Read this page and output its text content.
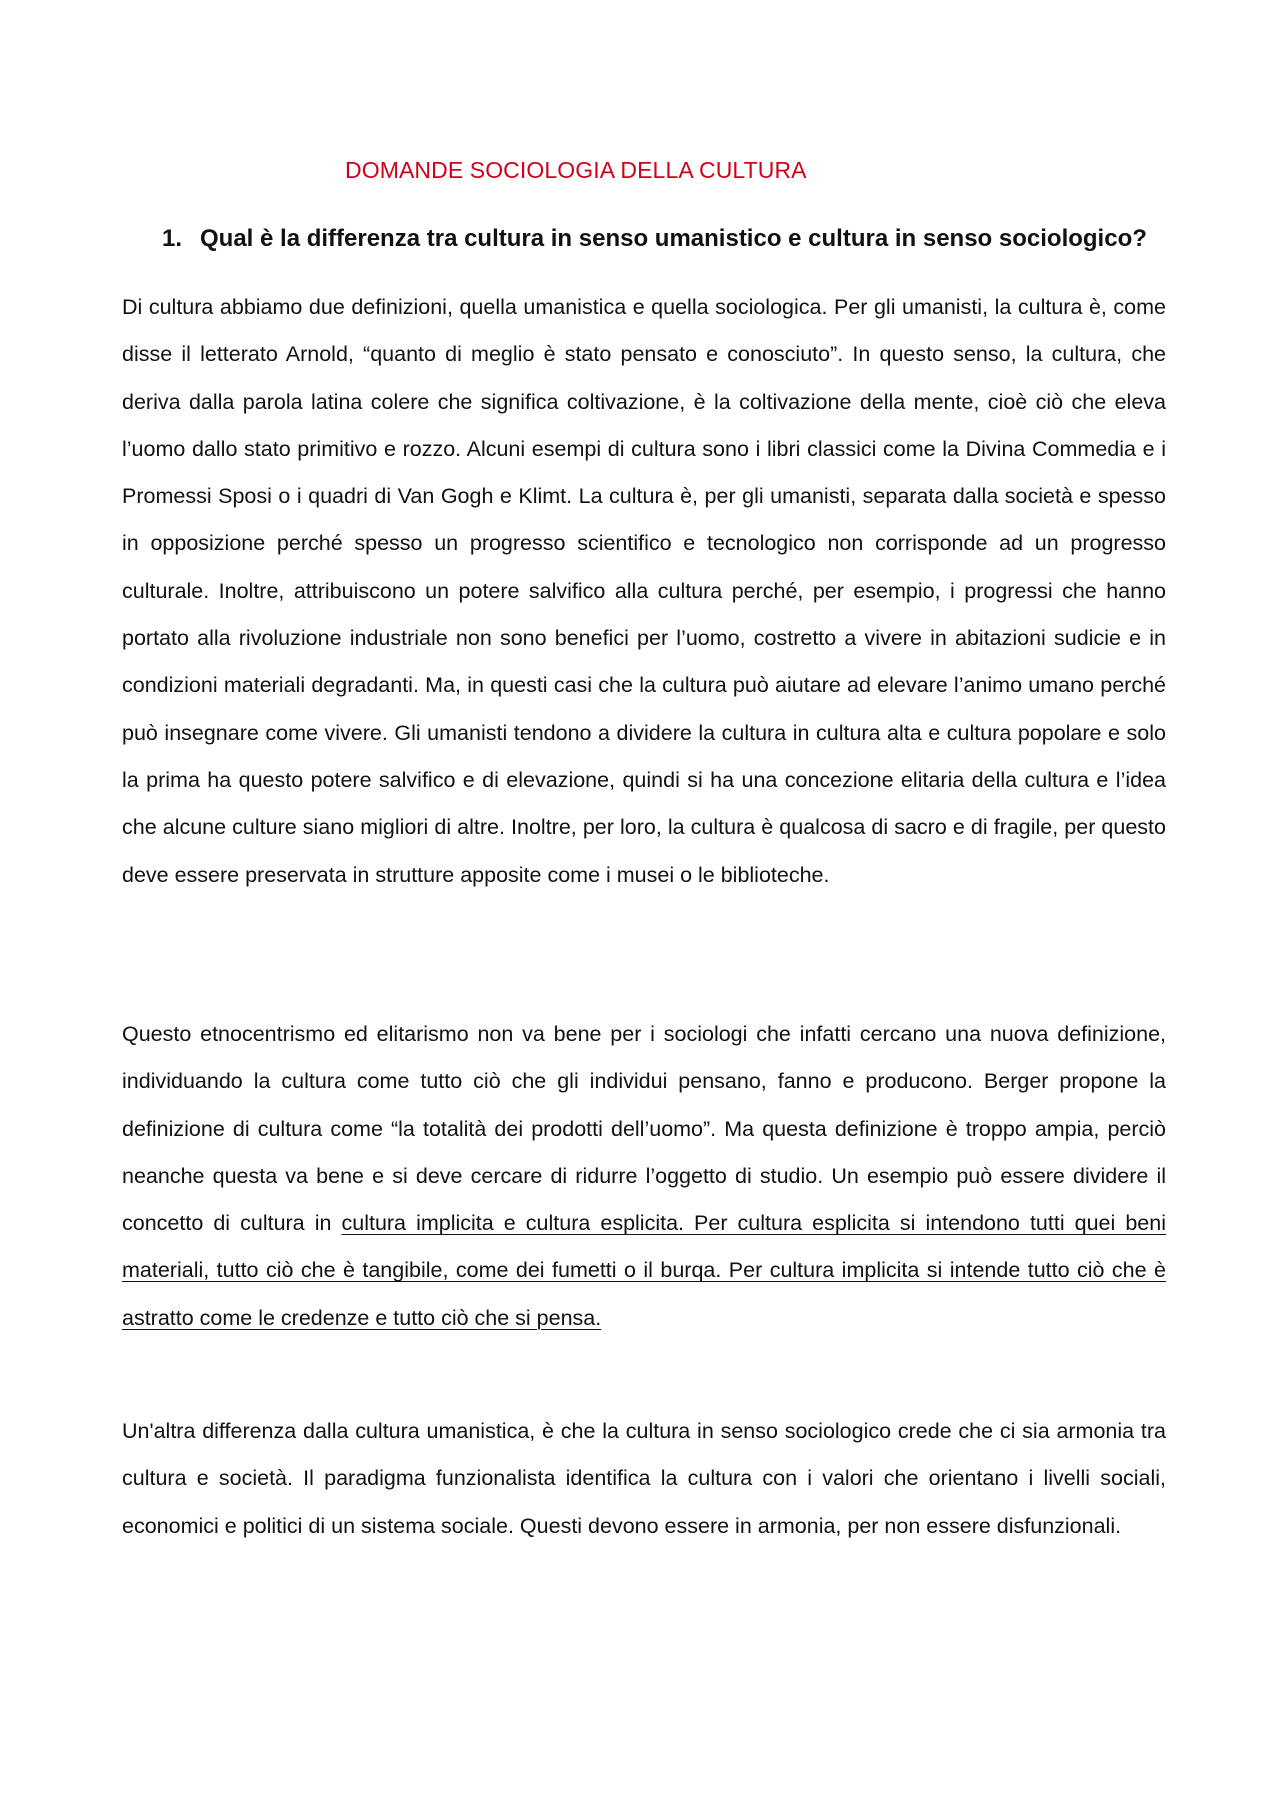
DOMANDE SOCIOLOGIA DELLA CULTURA
1. Qual è la differenza tra cultura in senso umanistico e cultura in senso sociologico?

Di cultura abbiamo due definizioni, quella umanistica e quella sociologica. Per gli umanisti, la cultura è, come disse il letterato Arnold, “quanto di meglio è stato pensato e conosciuto”. In questo senso, la cultura, che deriva dalla parola latina colere che significa coltivazione, è la coltivazione della mente, cioè ciò che eleva l’uomo dallo stato primitivo e rozzo. Alcuni esempi di cultura sono i libri classici come la Divina Commedia e i Promessi Sposi o i quadri di Van Gogh e Klimt. La cultura è, per gli umanisti, separata dalla società e spesso in opposizione perché spesso un progresso scientifico e tecnologico non corrisponde ad un progresso culturale. Inoltre, attribuiscono un potere salvifico alla cultura perché, per esempio, i progressi che hanno portato alla rivoluzione industriale non sono benefici per l’uomo, costretto a vivere in abitazioni sudicie e in condizioni materiali degradanti. Ma, in questi casi che la cultura può aiutare ad elevare l’animo umano perché può insegnare come vivere. Gli umanisti tendono a dividere la cultura in cultura alta e cultura popolare e solo la prima ha questo potere salvifico e di elevazione, quindi si ha una concezione elitaria della cultura e l’idea che alcune culture siano migliori di altre. Inoltre, per loro, la cultura è qualcosa di sacro e di fragile, per questo deve essere preservata in strutture apposite come i musei o le biblioteche.

Questo etnocentrismo ed elitarismo non va bene per i sociologi che infatti cercano una nuova definizione, individuando la cultura come tutto ciò che gli individui pensano, fanno e producono. Berger propone la definizione di cultura come “la totalità dei prodotti dell’uomo”. Ma questa definizione è troppo ampia, perciò neanche questa va bene e si deve cercare di ridurre l’oggetto di studio. Un esempio può essere dividere il concetto di cultura in cultura implicita e cultura esplicita. Per cultura esplicita si intendono tutti quei beni materiali, tutto ciò che è tangibile, come dei fumetti o il burqa. Per cultura implicita si intende tutto ciò che è astratto come le credenze e tutto ciò che si pensa.

Un'altra differenza dalla cultura umanistica, è che la cultura in senso sociologico crede che ci sia armonia tra cultura e società. Il paradigma funzionalista identifica la cultura con i valori che orientano i livelli sociali, economici e politici di un sistema sociale. Questi devono essere in armonia, per non essere disfunzionali.
